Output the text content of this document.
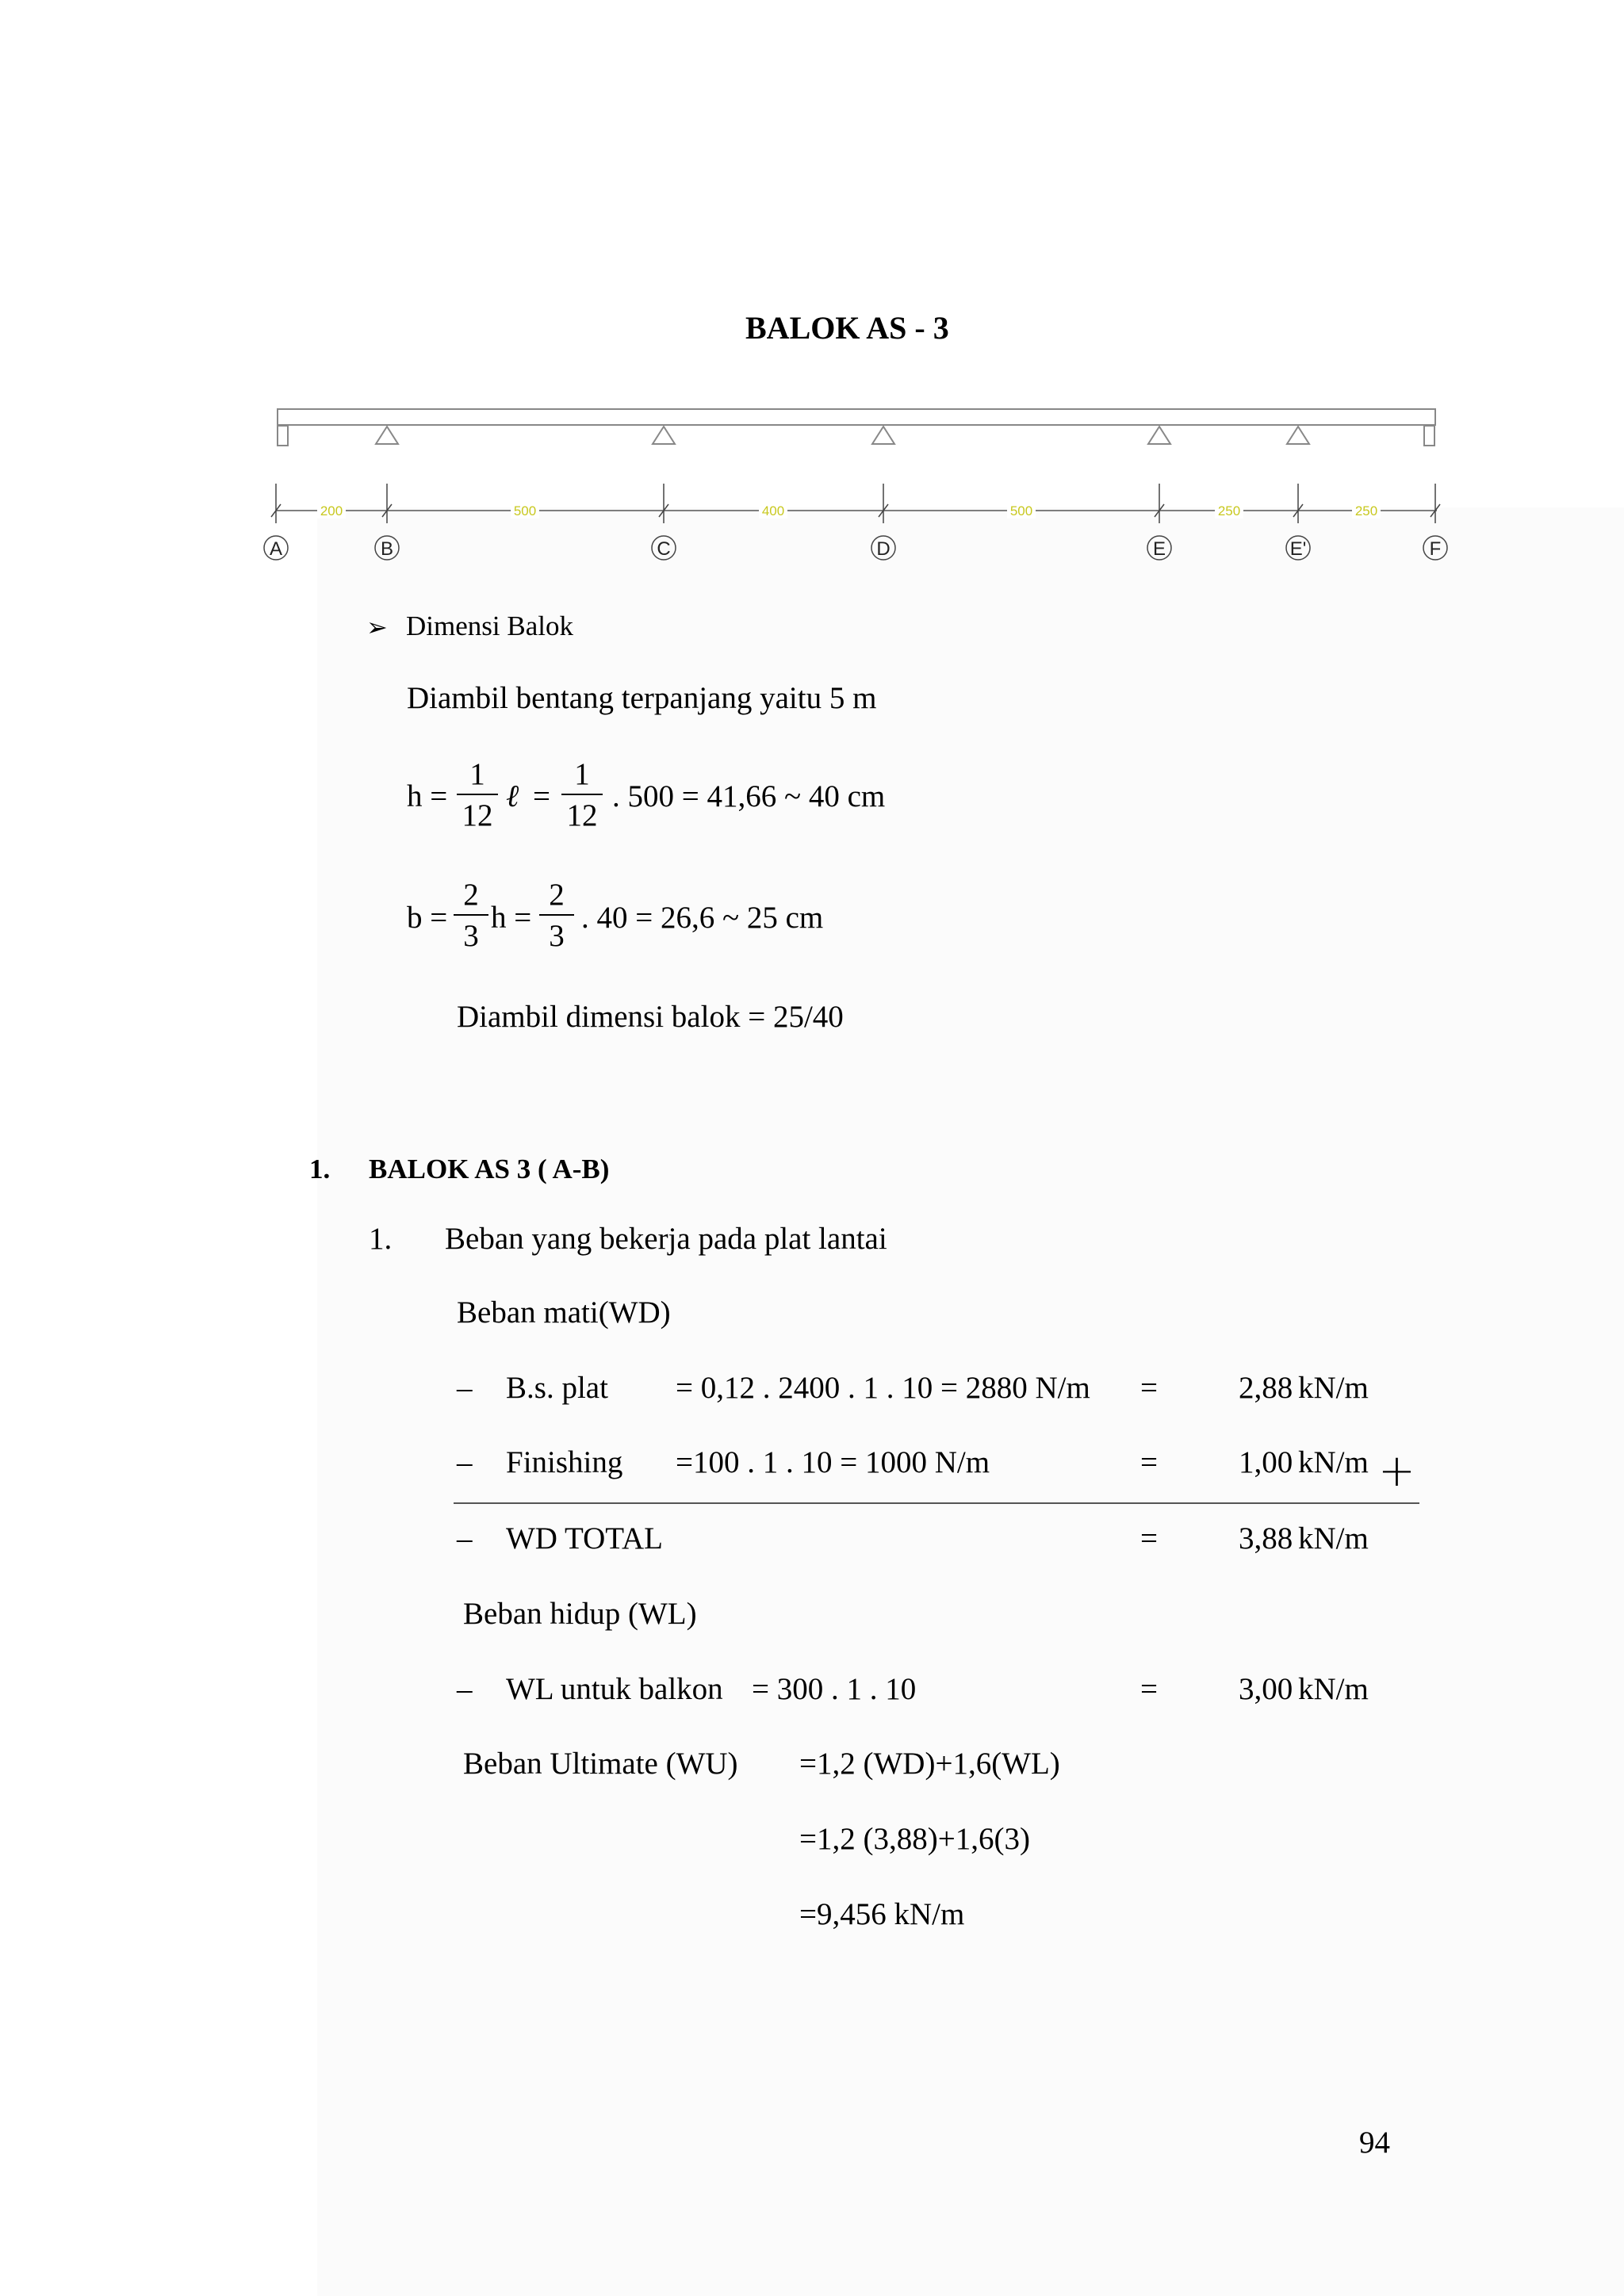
BALOK AS - 3
200	500	400	500	250	250
A	B	C	D	E	E'	F
➢ Dimensi Balok
Diambil bentang terpanjang yaitu 5 m
h =
1
12
ℓ =
1
12
. 500 = 41,66 ~ 40 cm
b =
2
3
h =
2
3
. 40 = 26,6 ~ 25 cm
Diambil dimensi balok = 25/40
1. BALOK AS 3 ( A-B)
1. Beban yang bekerja pada plat lantai
Beban mati(WD)
– B.s. plat = 0,12 . 2400 . 1 . 10 = 2880 N/m =	2,88 kN/m
– Finishing =100 . 1 . 10 = 1000 N/m	=	1,00 kN/m +
– WD TOTAL	=	3,88 kN/m
Beban hidup (WL)
– WL untuk balkon = 300 . 1 . 10	=	3,00 kN/m
Beban Ultimate (WU) =1,2 (WD)+1,6(WL)
=1,2 (3,88)+1,6(3)
=9,456 kN/m
94
